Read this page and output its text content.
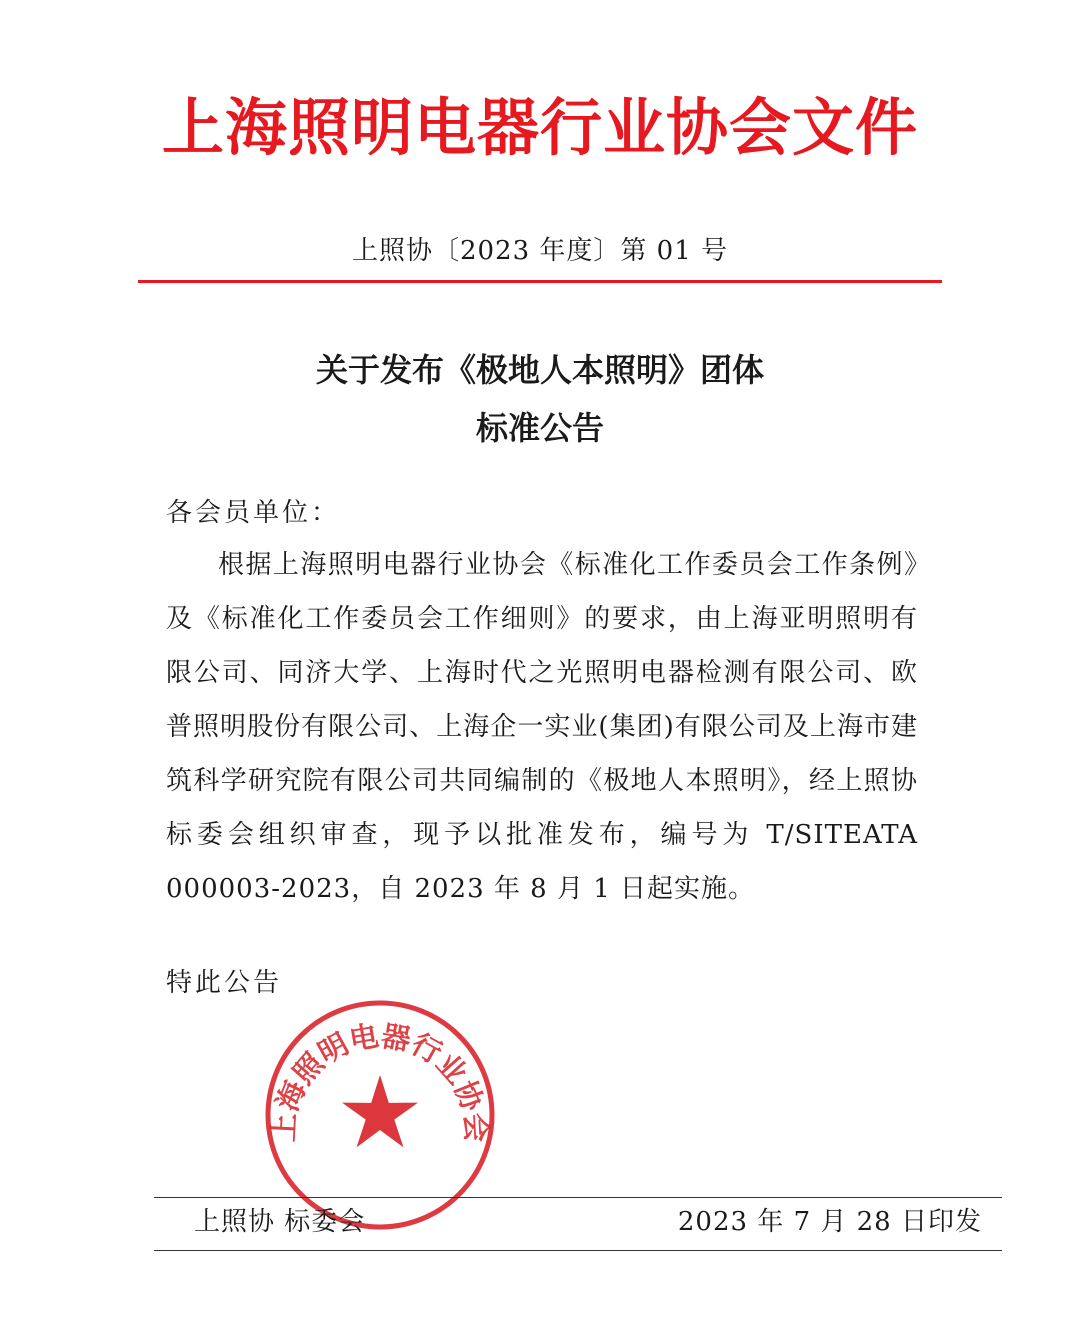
上海照明电器行业协会文件
上照协〔2023 年度〕第 01 号
关于发布《极地人本照明》团体
标准公告
各会员单位：

根据上海照明电器行业协会《标准化工作委员会工作条例》及《标准化工作委员会工作细则》的要求，由上海亚明照明有限公司、同济大学、上海时代之光照明电器检测有限公司、欧普照明股份有限公司、上海企一实业(集团)有限公司及上海市建筑科学研究院有限公司共同编制的《极地人本照明》，经上照协标委会组织审查，现予以批准发布，编号为 T/SITEATA 000003-2023，自 2023 年 8 月 1 日起实施。

特此公告
上海照明电器行业协会
上照协 标委会	2023 年 7 月 28 日印发
